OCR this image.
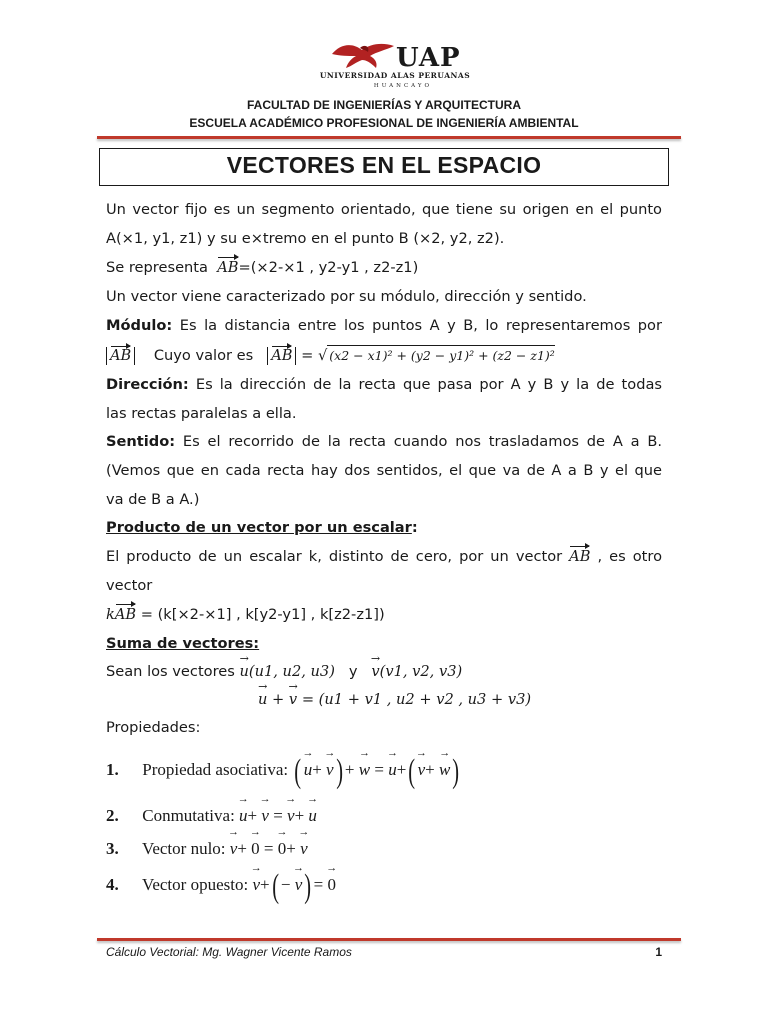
UAP
UNIVERSIDAD ALAS PERUANAS
HUANCAYO
FACULTAD DE INGENIERÍAS Y ARQUITECTURA
ESCUELA ACADÉMICO PROFESIONAL DE INGENIERÍA AMBIENTAL
VECTORES EN EL ESPACIO
Un vector fijo es un segmento orientado, que tiene su origen en el punto
A(×1, y1, z1) y su e×tremo en el punto B (×2, y2, z2).
Se representa AB=(×2-×1 , y2-y1 , z2-z1)
Un vector viene caracterizado por su módulo, dirección y sentido.
Módulo: Es la distancia entre los puntos A y B, lo representaremos por
AB Cuyo valor es AB = √ (x2 − x1)² + (y2 − y1)² + (z2 − z1)²
Dirección: Es la dirección de la recta que pasa por A y B y la de todas
las rectas paralelas a ella.
Sentido: Es el recorrido de la recta cuando nos trasladamos de A a B.
(Vemos que en cada recta hay dos sentidos, el que va de A a B y el que
va de B a A.)
Producto de un vector por un escalar:
El producto de un escalar k, distinto de cero, por un vector AB , es otro
vector
kAB = (k[×2-×1] , k[y2-y1] , k[z2-z1])
Suma de vectores:
Sean los vectores u →(u1, u2, u3) y v →(v1, v2, v3)
u → + v → = (u1 + v1 , u2 + v2 , u3 + v3)
Propiedades:
1. Propiedad asociativa: ( u →+ v →) + w → = u →+( v →+ w →)
2. Conmutativa: u →+ v → = v →+ u →
3. Vector nulo: v →+ 0 → = 0 →+ v →
4. Vector opuesto: v →+( − v →) = 0 →
Cálculo Vectorial: Mg. Wagner Vicente Ramos	1
